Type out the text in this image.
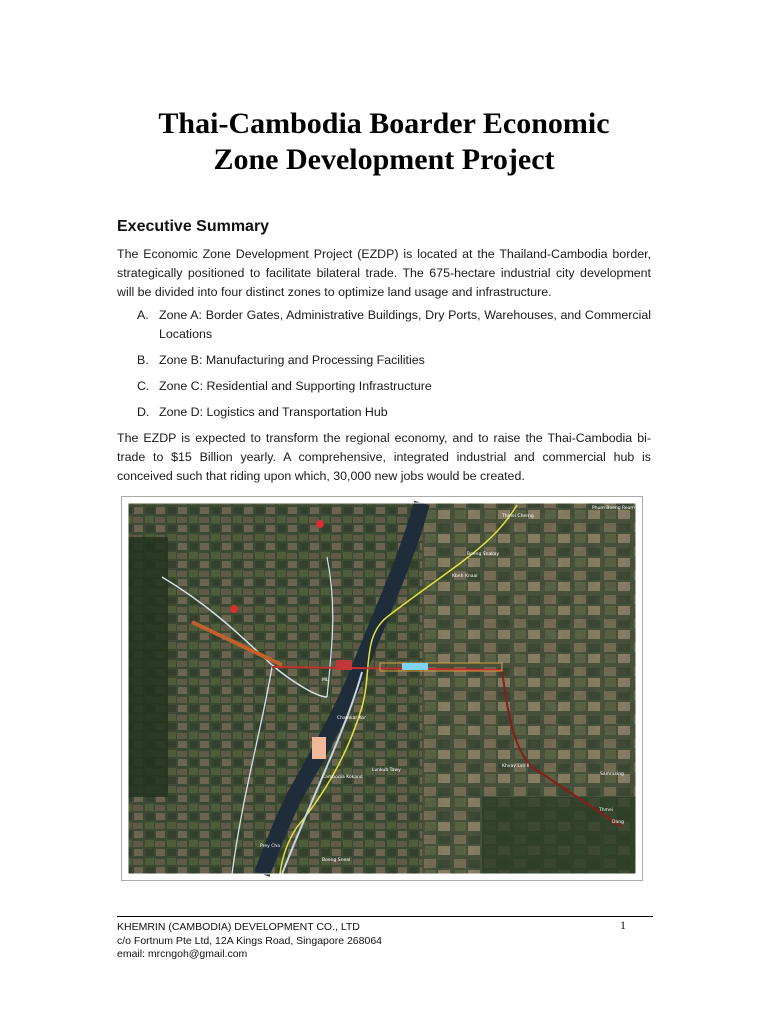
Thai-Cambodia Boarder Economic
Zone Development Project
Executive Summary

The Economic Zone Development Project (EZDP) is located at the Thailand-Cambodia border, strategically positioned to facilitate bilateral trade. The 675-hectare industrial city development will be divided into four distinct zones to optimize land usage and infrastructure.

A. Zone A: Border Gates, Administrative Buildings, Dry Ports, Warehouses, and Commercial Locations
B. Zone B: Manufacturing and Processing Facilities
C. Zone C: Residential and Supporting Infrastructure
D. Zone D: Logistics and Transportation Hub

The EZDP is expected to transform the regional economy, and to raise the Thai-Cambodia bi-trade to $15 Billion yearly. A comprehensive, integrated industrial and commercial hub is conceived such that riding upon which, 30,000 new jobs would be created.

Thmei Cherng
Phum Boeng Ream
Boeng Snakay
Kbnh Knaal
Chamkar Kor
Cambodia Kokand
Lvnkub Tawy
Khvav Lvn Il
Samrasing
Thmei
Dang
Prey Cha
Boeng Sneal
ML
1
KHEMRIN (CAMBODIA) DEVELOPMENT CO., LTD
c/o Fortnum Pte Ltd, 12A Kings Road, Singapore 268064
email: mrcngoh@gmail.com
